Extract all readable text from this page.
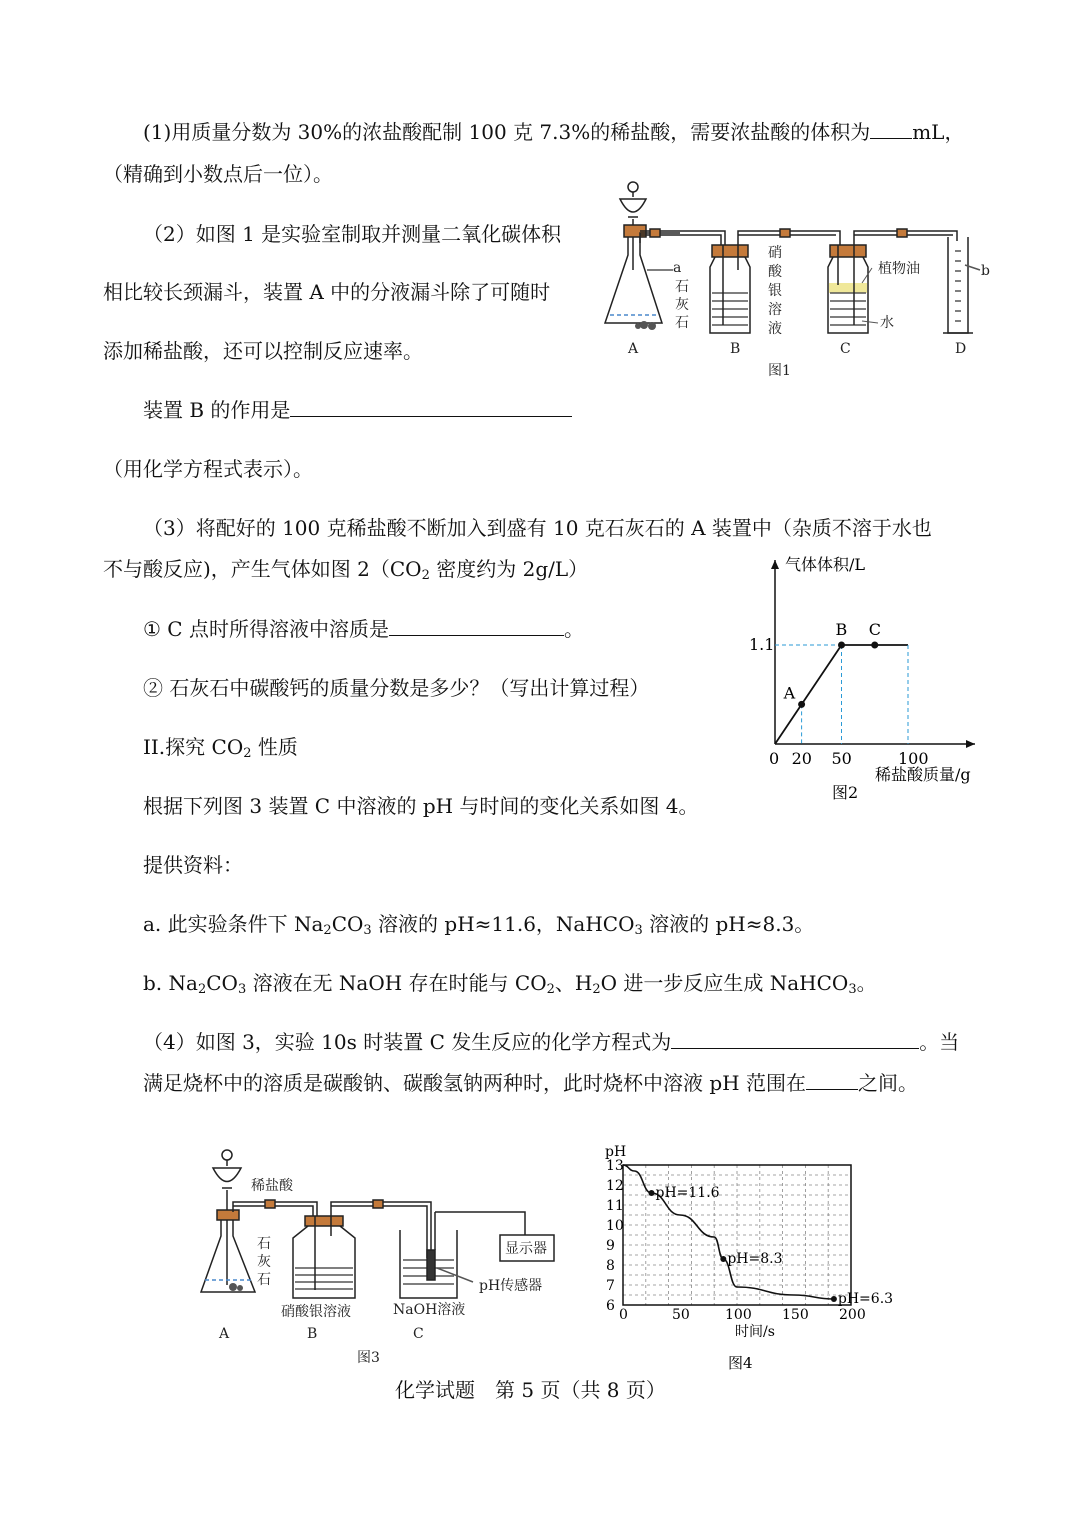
(1)用质量分数为 30%的浓盐酸配制 100 克 7.3%的稀盐酸，需要浓盐酸的体积为 mL，
（精确到小数点后一位）。
（2）如图 1 是实验室制取并测量二氧化碳体积
相比较长颈漏斗，装置 A 中的分液漏斗除了可随时
添加稀盐酸，还可以控制反应速率。
装置 B 的作用是
（用化学方程式表示）。
a
石
灰
石
硝
酸
银
溶
液
植物油
水
b
A	B	C	D
图1
（3）将配好的 100 克稀盐酸不断加入到盛有 10 克石灰石的 A 装置中（杂质不溶于水也
不与酸反应)，产生气体如图 $2(CO_2$ 密度约为 2g/L）
① C 点时所得溶液中溶质是	。
② 石灰石中碳酸钙的质量分数是多少？（写出计算过程）
气体体积/L
稀盐酸质量/g
图2
0 20 50	100
1.1
A
B C
II.探究 $CO_2$ 性质
根据下列图 3 装置 C 中溶液的 pH 与时间的变化关系如图 4。
提供资料：
a. 此实验条件下 $Na_2CO_3$ 溶液的 pH≈11.6，NaHCO$_3$ 溶液的 pH≈8.3。
b. $Na_2CO_3$ 溶液在无 NaOH 存在时能与 $CO_2$、$H_2O$ 进一步反应生成 NaHCO$_3$。
（4）如图 3，实验 10s 时装置 C 发生反应的化学方程式为	。当
满足烧杯中的溶质是碳酸钠、碳酸氢钠两种时，此时烧杯中溶液 pH 范围在	之间。
稀盐酸
石
灰
石
硝酸银溶液	NaOH溶液
显示器
pH传感器
A	B	C
图3
pH
时间/s
图4
6
7
8
9
10
11
12
13
0	50	100 150 200
pH=11.6
pH=8.3
pH=6.3
化学试题　第 5 页（共 8 页）
